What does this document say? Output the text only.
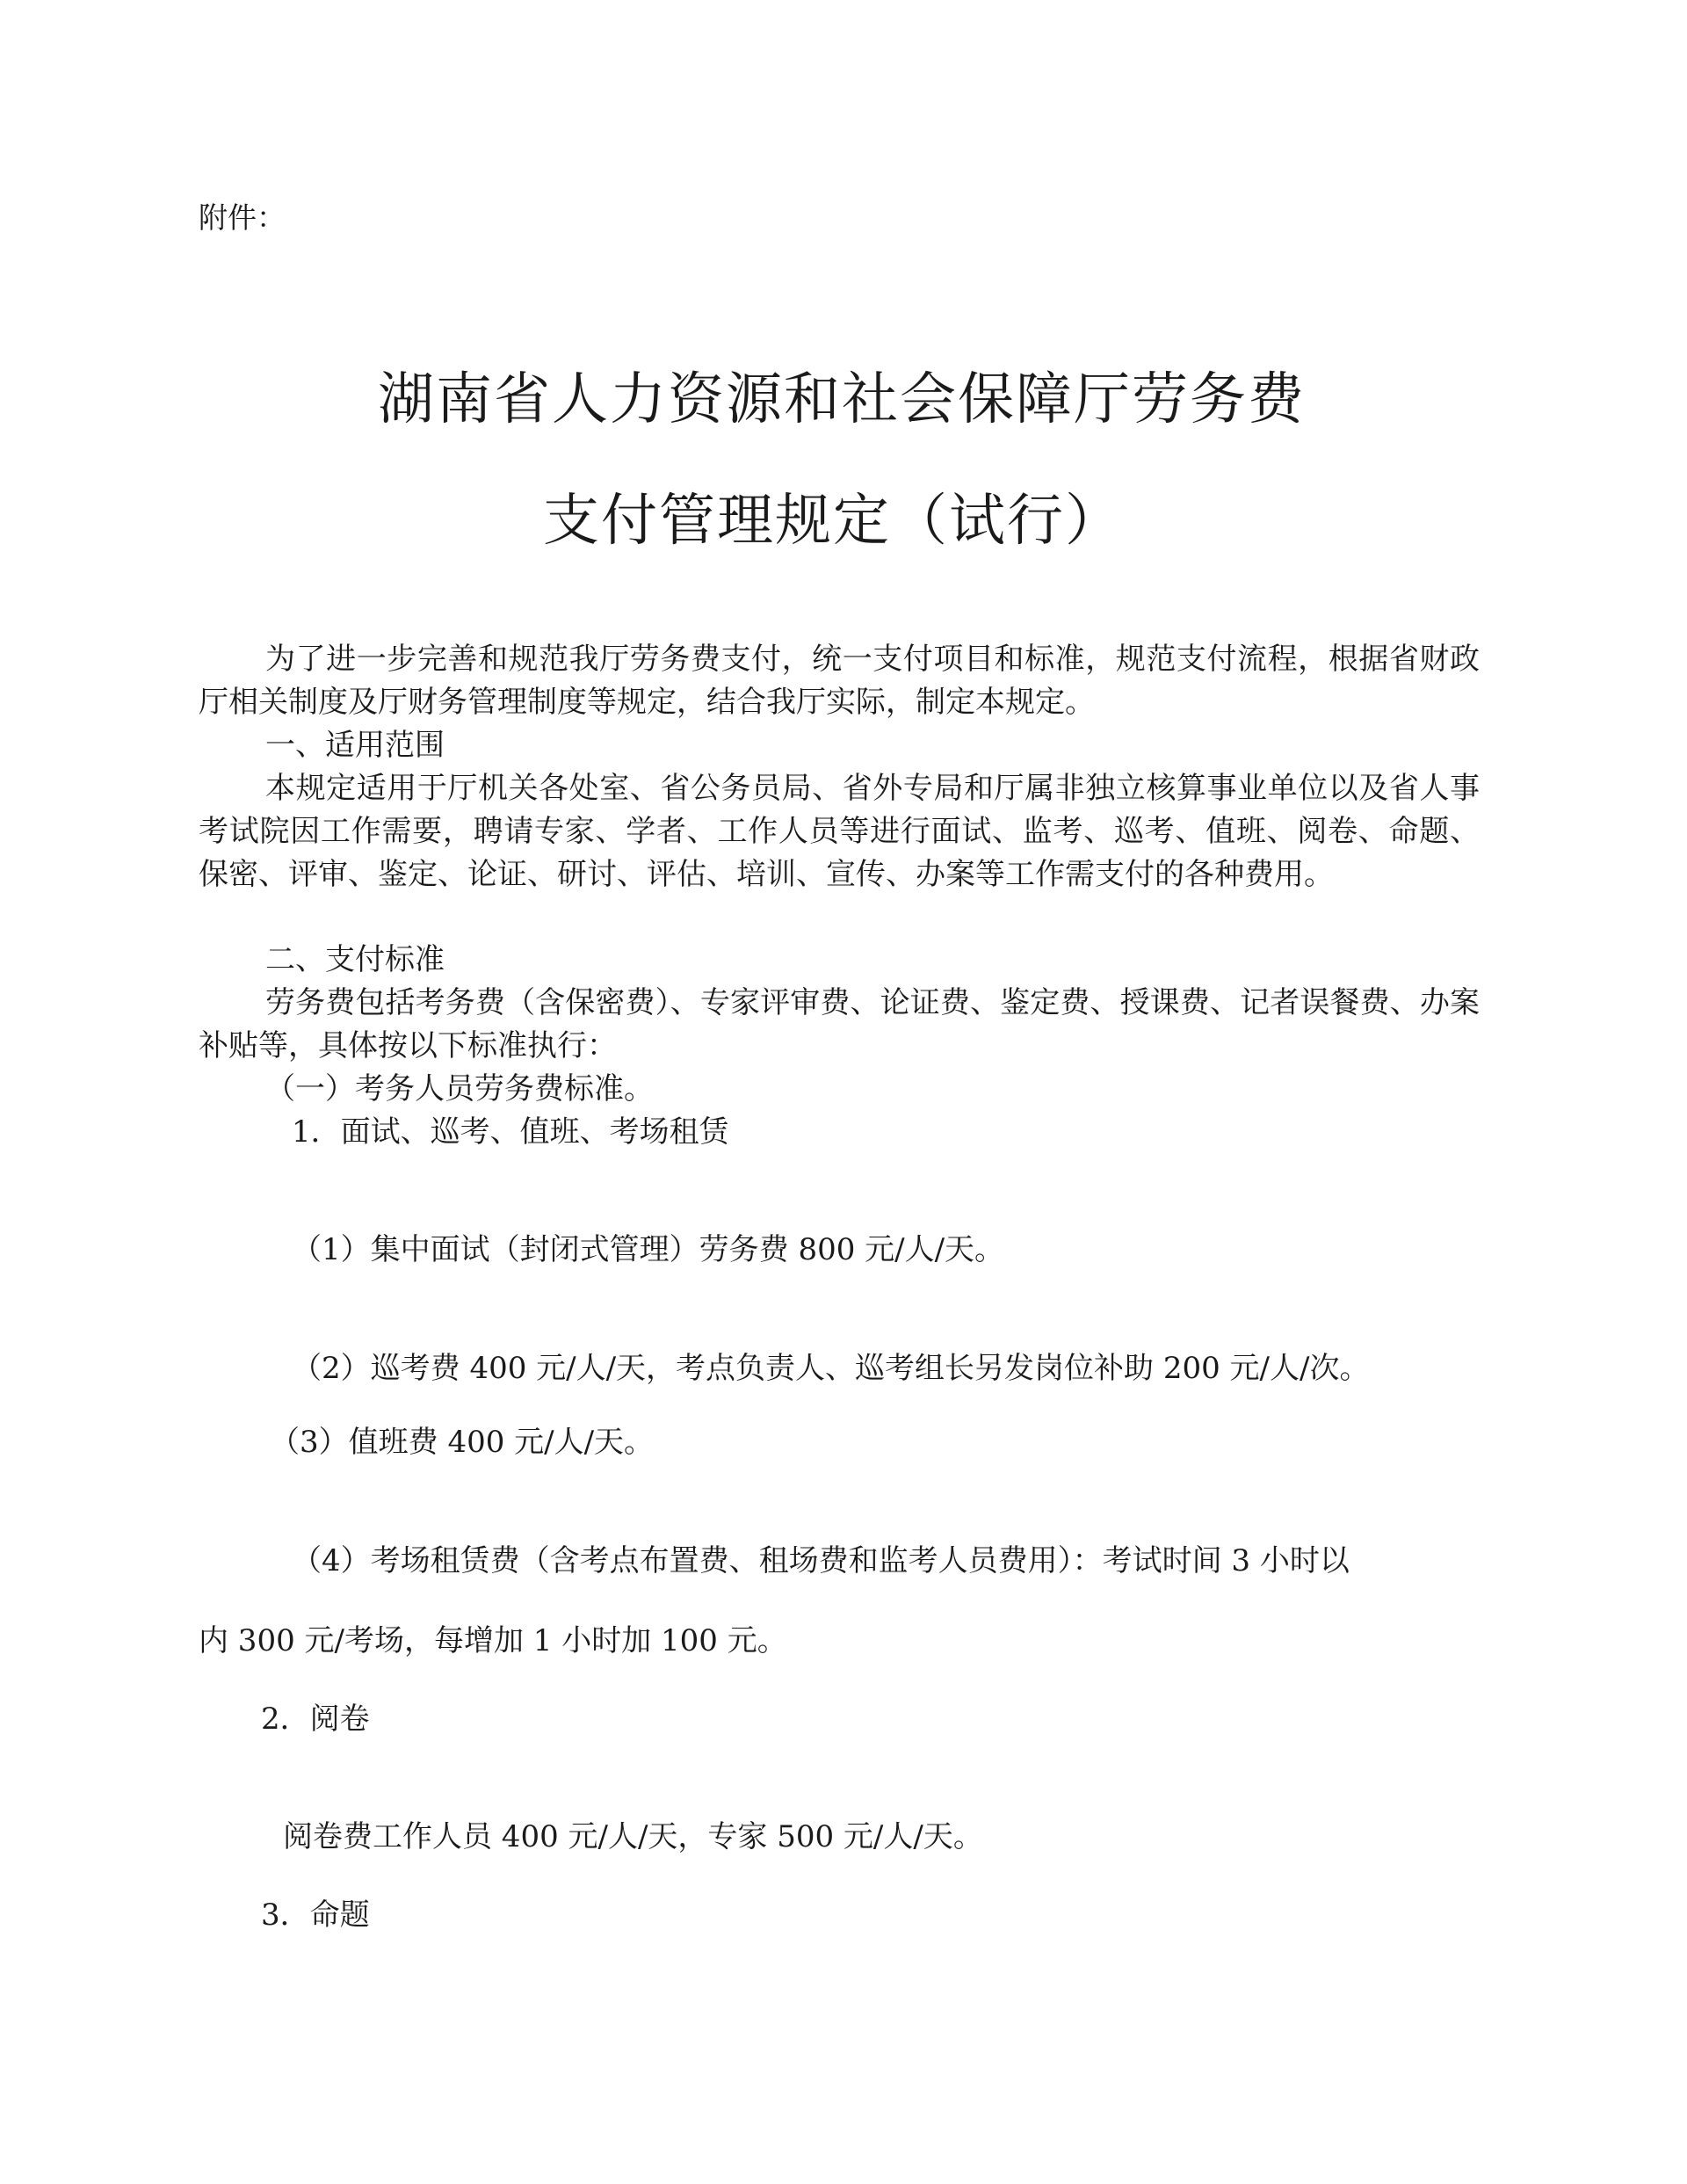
附件：
湖南省人力资源和社会保障厅劳务费
支付管理规定（试行）
为了进一步完善和规范我厅劳务费支付，统一支付项目和标准，规范支付流程，根据省财政厅相关制度及厅财务管理制度等规定，结合我厅实际，制定本规定。
一、适用范围
本规定适用于厅机关各处室、省公务员局、省外专局和厅属非独立核算事业单位以及省人事考试院因工作需要，聘请专家、学者、工作人员等进行面试、监考、巡考、值班、阅卷、命题、保密、评审、鉴定、论证、研讨、评估、培训、宣传、办案等工作需支付的各种费用。
二、支付标准
劳务费包括考务费（含保密费）、专家评审费、论证费、鉴定费、授课费、记者误餐费、办案补贴等，具体按以下标准执行：
（一）考务人员劳务费标准。
1．面试、巡考、值班、考场租赁
（1）集中面试（封闭式管理）劳务费 800 元/人/天。
（2）巡考费 400 元/人/天，考点负责人、巡考组长另发岗位补助 200 元/人/次。
（3）值班费 400 元/人/天。
（4）考场租赁费（含考点布置费、租场费和监考人员费用）：考试时间 3 小时以
内 300 元/考场，每增加 1 小时加 100 元。
2．阅卷
阅卷费工作人员 400 元/人/天，专家 500 元/人/天。
3．命题
